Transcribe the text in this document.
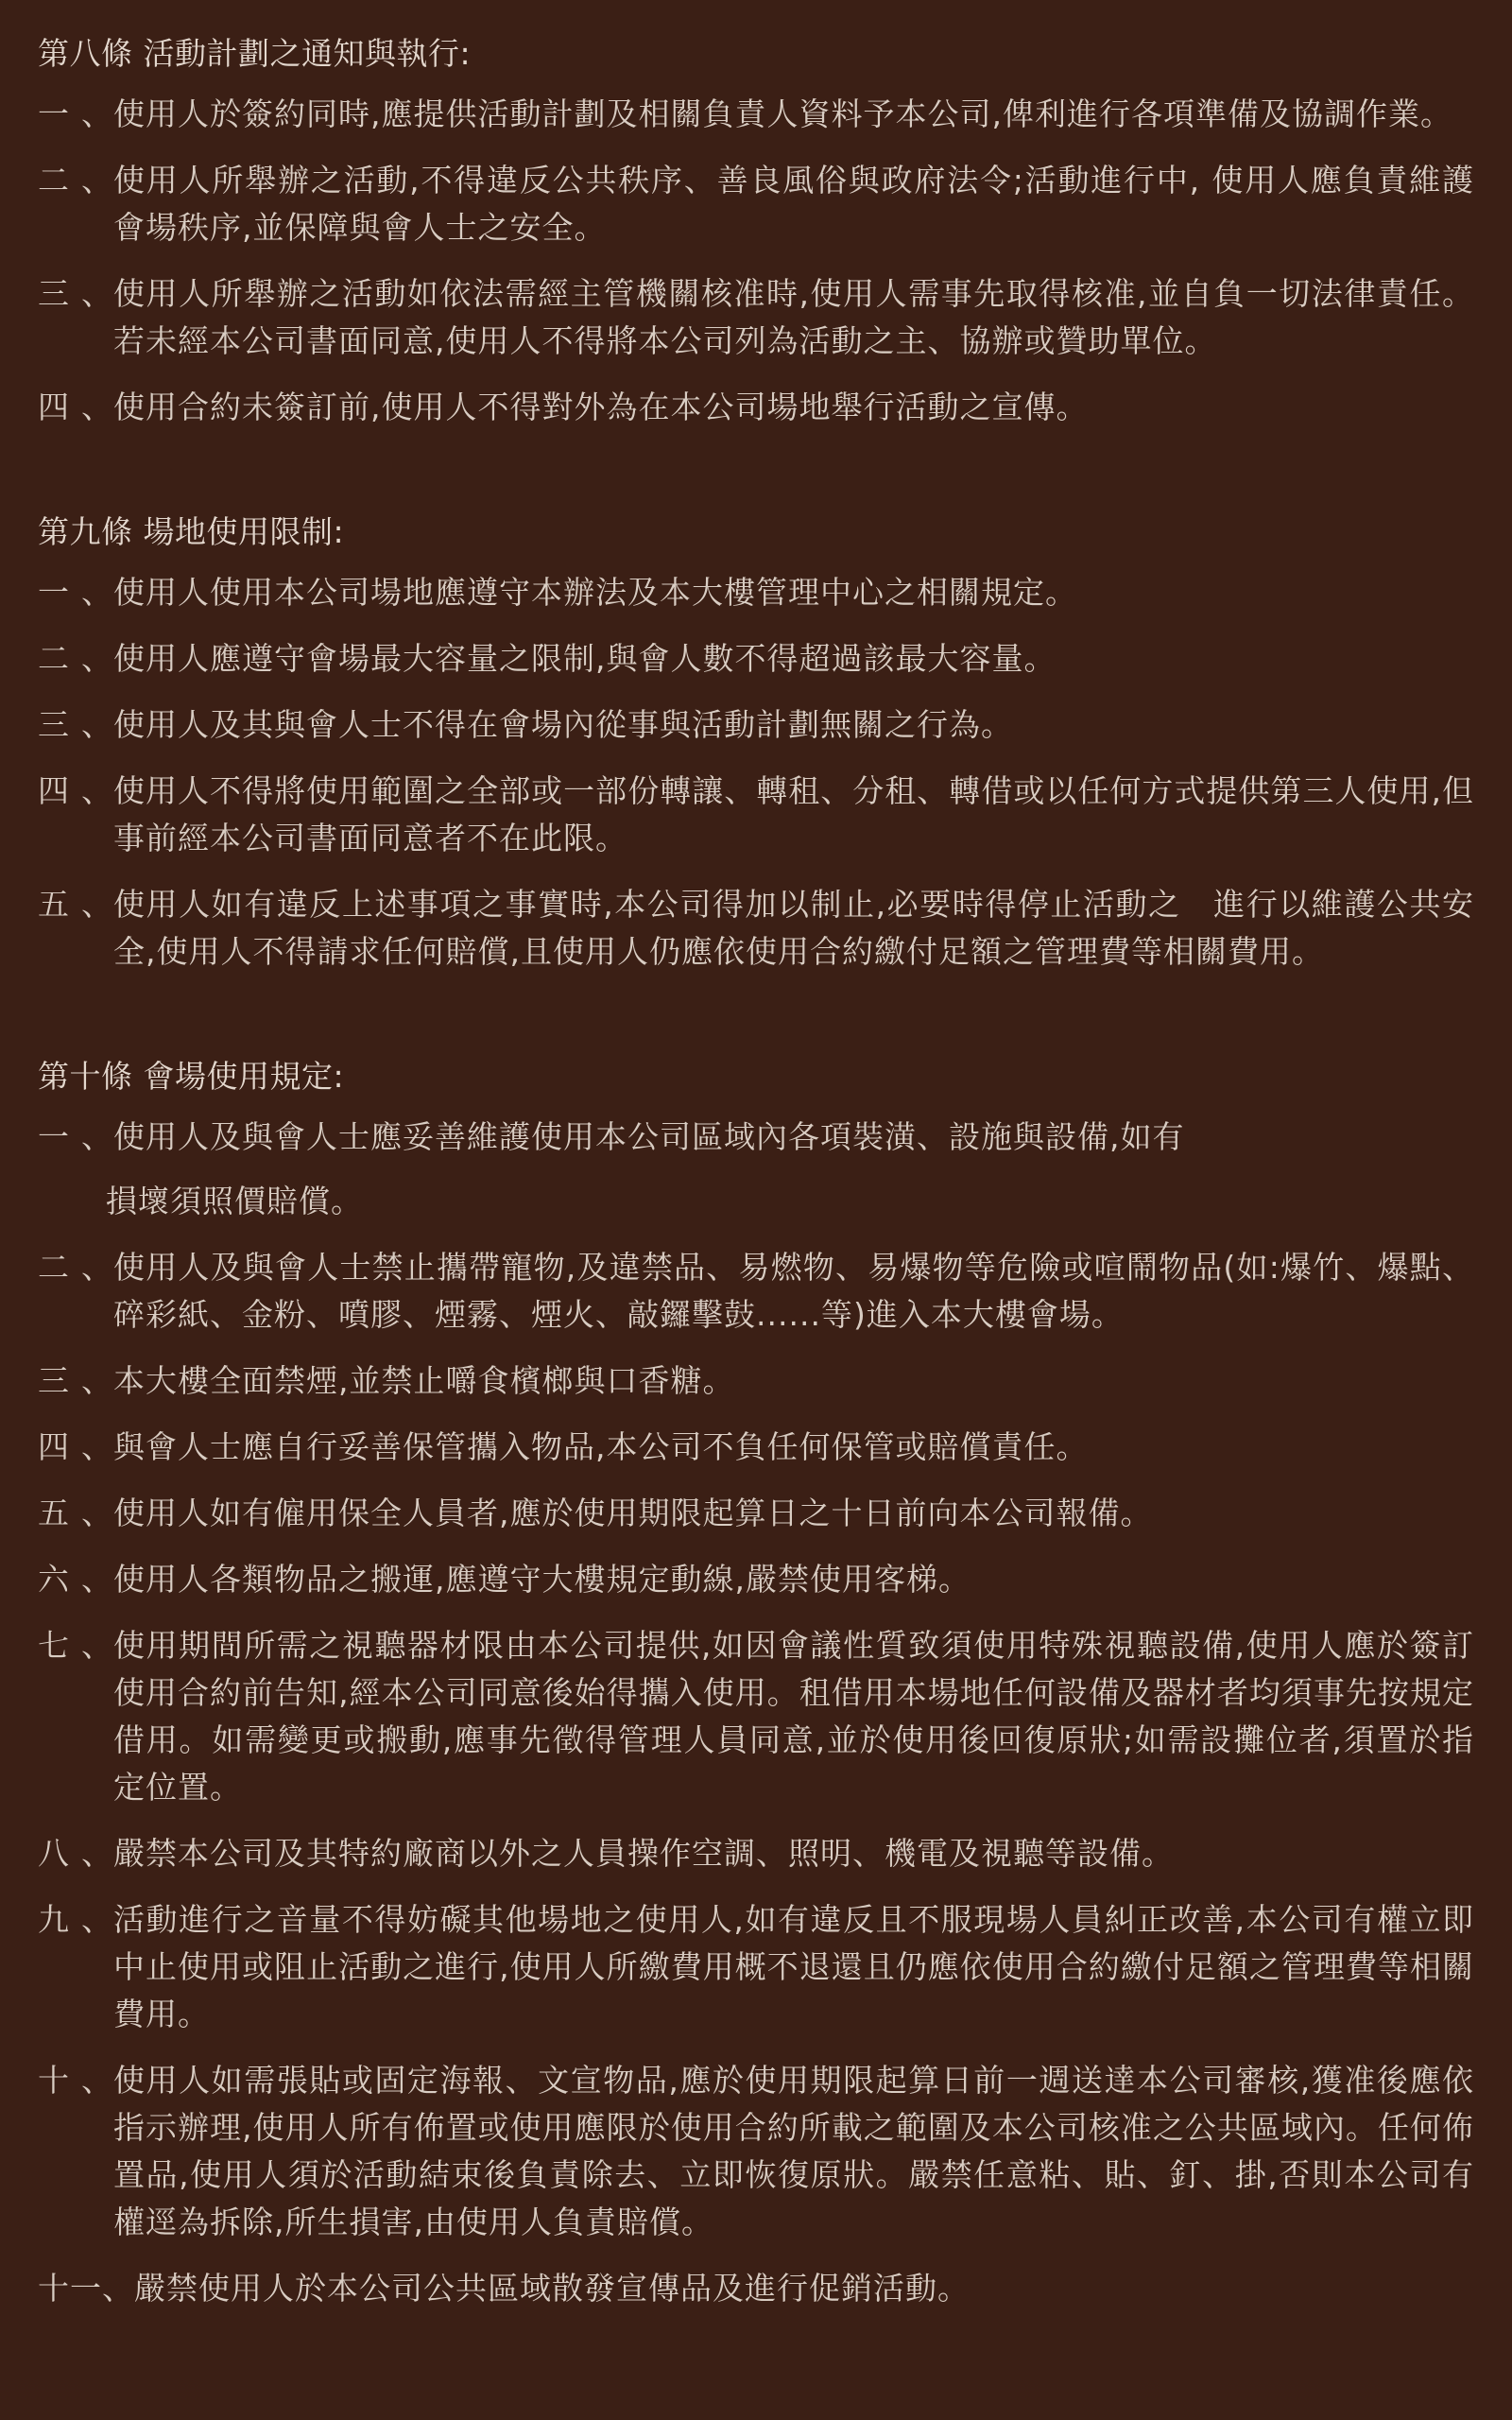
第八條 活動計劃之通知與執行:
一 、 使用人於簽約同時,應提供活動計劃及相關負責人資料予本公司,俾利進行各項準備及協調作業。
二 、 使用人所舉辦之活動,不得違反公共秩序、善良風俗與政府法令;活動進行中, 使用人應負責維護會場秩序,並保障與會人士之安全。
三 、 使用人所舉辦之活動如依法需經主管機關核准時,使用人需事先取得核准,並自負一切法律責任。若未經本公司書面同意,使用人不得將本公司列為活動之主、協辦或贊助單位。
四 、 使用合約未簽訂前,使用人不得對外為在本公司場地舉行活動之宣傳。
第九條 場地使用限制:
一 、 使用人使用本公司場地應遵守本辦法及本大樓管理中心之相關規定。
二 、 使用人應遵守會場最大容量之限制,與會人數不得超過該最大容量。
三 、 使用人及其與會人士不得在會場內從事與活動計劃無關之行為。
四 、 使用人不得將使用範圍之全部或一部份轉讓、轉租、分租、轉借或以任何方式提供第三人使用,但事前經本公司書面同意者不在此限。
五 、 使用人如有違反上述事項之事實時,本公司得加以制止,必要時得停止活動之　進行以維護公共安全,使用人不得請求任何賠償,且使用人仍應依使用合約繳付足額之管理費等相關費用。
第十條 會場使用規定:
一 、 使用人及與會人士應妥善維護使用本公司區域內各項裝潢、設施與設備,如有
損壞須照價賠償。
二 、 使用人及與會人士禁止攜帶寵物,及違禁品、易燃物、易爆物等危險或喧鬧物品(如:爆竹、爆點、碎彩紙、金粉、噴膠、煙霧、煙火、敲鑼擊鼓......等)進入本大樓會場。
三 、 本大樓全面禁煙,並禁止嚼食檳榔與口香糖。
四 、 與會人士應自行妥善保管攜入物品,本公司不負任何保管或賠償責任。
五 、 使用人如有僱用保全人員者,應於使用期限起算日之十日前向本公司報備。
六 、 使用人各類物品之搬運,應遵守大樓規定動線,嚴禁使用客梯。
七 、 使用期間所需之視聽器材限由本公司提供,如因會議性質致須使用特殊視聽設備,使用人應於簽訂使用合約前告知,經本公司同意後始得攜入使用。租借用本場地任何設備及器材者均須事先按規定借用。如需變更或搬動,應事先徵得管理人員同意,並於使用後回復原狀;如需設攤位者,須置於指定位置。
八 、 嚴禁本公司及其特約廠商以外之人員操作空調、照明、機電及視聽等設備。
九 、 活動進行之音量不得妨礙其他場地之使用人,如有違反且不服現場人員糾正改善,本公司有權立即中止使用或阻止活動之進行,使用人所繳費用概不退還且仍應依使用合約繳付足額之管理費等相關費用。
十 、 使用人如需張貼或固定海報、文宣物品,應於使用期限起算日前一週送達本公司審核,獲准後應依指示辦理,使用人所有佈置或使用應限於使用合約所載之範圍及本公司核准之公共區域內。任何佈置品,使用人須於活動結束後負責除去、立即恢復原狀。嚴禁任意粘、貼、釘、掛,否則本公司有權逕為拆除,所生損害,由使用人負責賠償。
十一 、 嚴禁使用人於本公司公共區域散發宣傳品及進行促銷活動。
